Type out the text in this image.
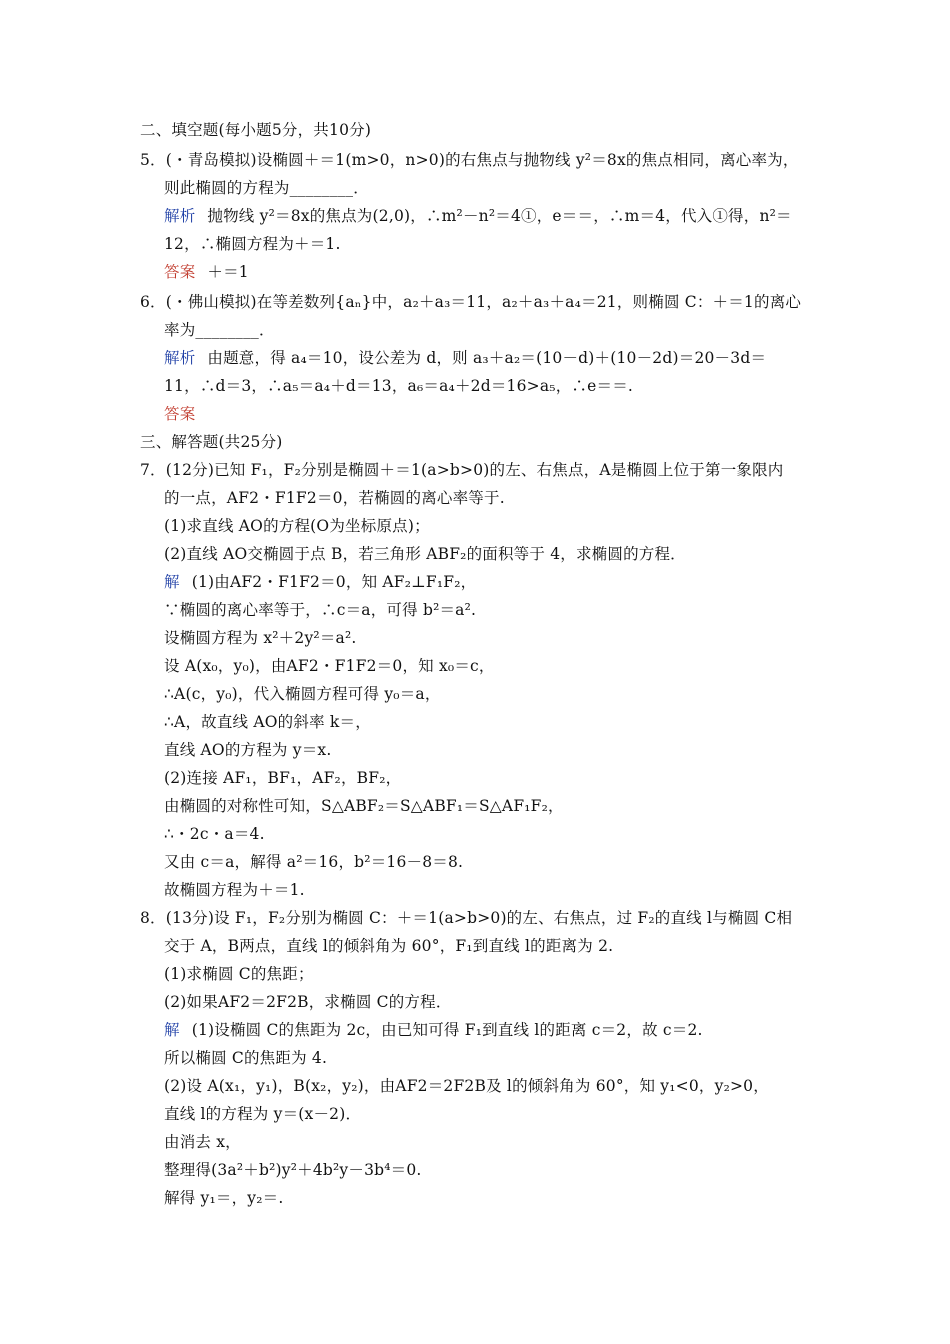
二、填空题(每小题5分，共10分)
5．(・青岛模拟)设椭圆＋＝1(m>0，n>0)的右焦点与抛物线 y²＝8x的焦点相同，离心率为，
则此椭圆的方程为________．
解析 抛物线 y²＝8x的焦点为(2,0)，∴m²－n²＝4①，e＝＝，∴m＝4，代入①得，n²＝
12，∴椭圆方程为＋＝1.
答案 ＋＝1
6．(・佛山模拟)在等差数列{aₙ}中，a₂＋a₃＝11，a₂＋a₃＋a₄＝21，则椭圆 C：＋＝1的离心
率为________．
解析 由题意，得 a₄＝10，设公差为 d，则 a₃＋a₂＝(10－d)＋(10－2d)＝20－3d＝
11，∴d＝3，∴a₅＝a₄＋d＝13，a₆＝a₄＋2d＝16>a₅，∴e＝＝.
答案
三、解答题(共25分)
7．(12分)已知 F₁，F₂分别是椭圆＋＝1(a>b>0)的左、右焦点，A是椭圆上位于第一象限内
的一点，AF2・F1F2＝0，若椭圆的离心率等于.
(1)求直线 AO的方程(O为坐标原点)；
(2)直线 AO交椭圆于点 B，若三角形 ABF₂的面积等于 4，求椭圆的方程．
解 (1)由AF2・F1F2＝0，知 AF₂⊥F₁F₂，
∵椭圆的离心率等于，∴c＝a，可得 b²＝a².
设椭圆方程为 x²＋2y²＝a².
设 A(x₀，y₀)，由AF2・F1F2＝0，知 x₀＝c，
∴A(c，y₀)，代入椭圆方程可得 y₀＝a，
∴A，故直线 AO的斜率 k＝，
直线 AO的方程为 y＝x.
(2)连接 AF₁，BF₁，AF₂，BF₂，
由椭圆的对称性可知，S△ABF₂＝S△ABF₁＝S△AF₁F₂，
∴・2c・a＝4.
又由 c＝a，解得 a²＝16，b²＝16－8＝8.
故椭圆方程为＋＝1.
8．(13分)设 F₁，F₂分别为椭圆 C：＋＝1(a>b>0)的左、右焦点，过 F₂的直线 l与椭圆 C相
交于 A，B两点，直线 l的倾斜角为 60°，F₁到直线 l的距离为 2.
(1)求椭圆 C的焦距；
(2)如果AF2＝2F2B，求椭圆 C的方程．
解 (1)设椭圆 C的焦距为 2c，由已知可得 F₁到直线 l的距离 c＝2，故 c＝2.
所以椭圆 C的焦距为 4.
(2)设 A(x₁，y₁)，B(x₂，y₂)，由AF2＝2F2B及 l的倾斜角为 60°，知 y₁<0，y₂>0，
直线 l的方程为 y＝(x－2)．
由消去 x，
整理得(3a²＋b²)y²＋4b²y－3b⁴＝0.
解得 y₁＝，y₂＝.
